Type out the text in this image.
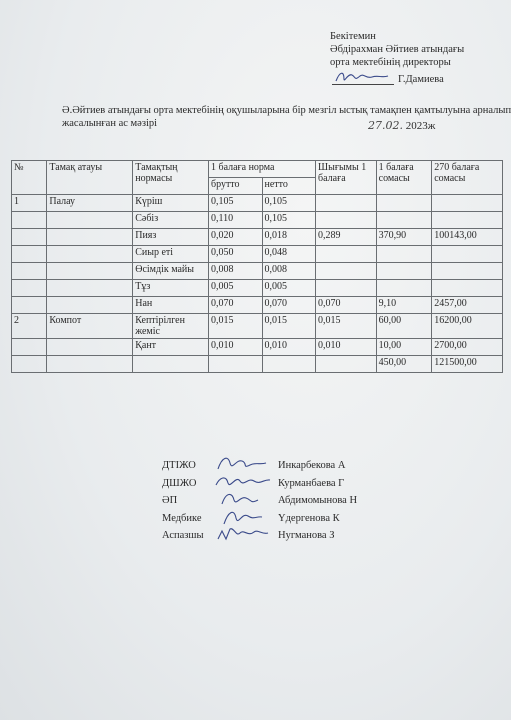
Бекітемин
Әбдірахман Әйтиев атындағы
орта мектебінің директоры
Г.Дамиева
Ә.Әйтиев атындағы орта мектебінің оқушыларына бір мезгіл ыстық тамақпен қамтылуына арналып жасалынған ас мәзірі	27.02. 2023ж
№	Тамақ атауы	Тамақтың нормасы	1 балаға норма		Шығымы 1 балаға	1 балаға сомасы	270 балаға сомасы
			брутто	нетто			
1	Палау	Күріш	0,105	0,105			
		Сәбіз	0,110	0,105			
		Пияз	0,020	0,018	0,289	370,90	100143,00
		Сиыр еті	0,050	0,048			
		Өсімдік майы	0,008	0,008			
		Тұз	0,005	0,005			
		Нан	0,070	0,070	0,070	9,10	2457,00
2	Компот	Кептірілген жеміс	0,015	0,015	0,015	60,00	16200,00
		Қант	0,010	0,010	0,010	10,00	2700,00
						450,00	121500,00
ДТІЖО	Инкарбекова А
ДШЖО	Курманбаева Г
ӘП	Абдимомынова Н
Медбике	Үдергенова К
Аспазшы	Нугманова З
